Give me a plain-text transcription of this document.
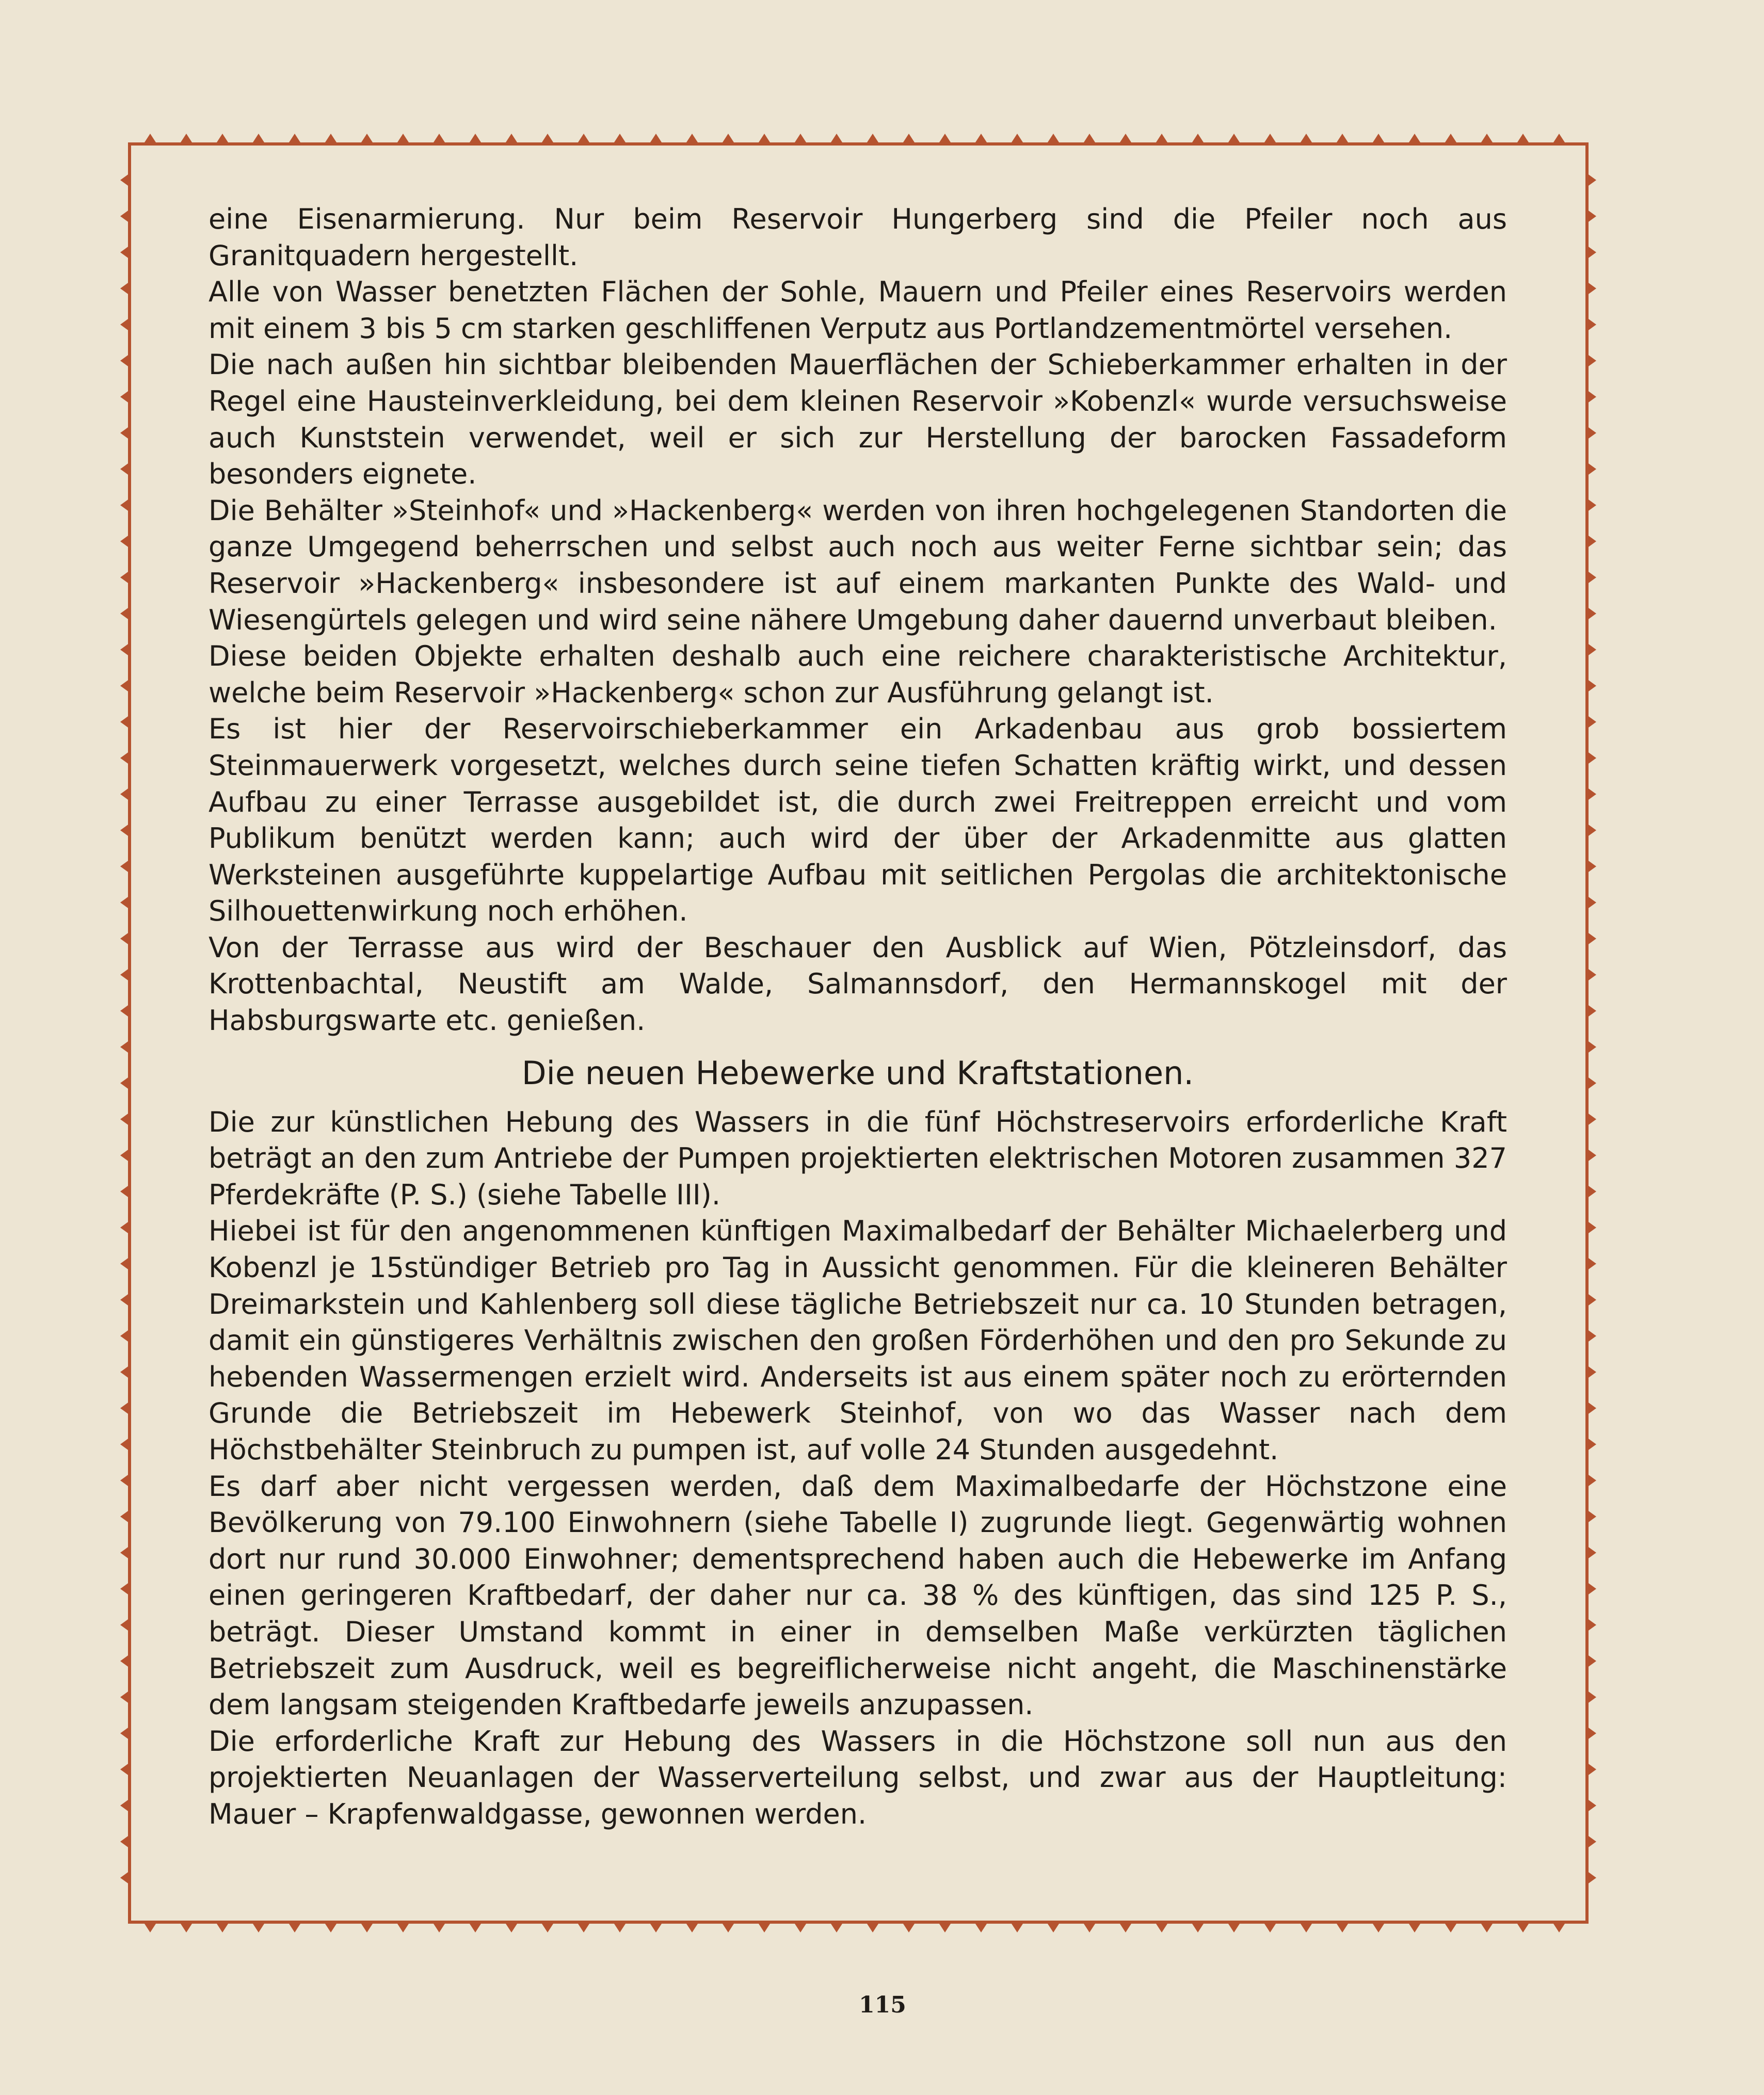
eine Eisenarmierung. Nur beim Reservoir Hungerberg sind die Pfeiler noch aus Granitquadern hergestellt.

Alle von Wasser benetzten Flächen der Sohle, Mauern und Pfeiler eines Reservoirs werden mit einem 3 bis 5 cm starken geschliffenen Verputz aus Portlandzementmörtel versehen.

Die nach außen hin sichtbar bleibenden Mauerflächen der Schieberkammer erhalten in der Regel eine Hausteinverkleidung, bei dem kleinen Reservoir »Kobenzl« wurde versuchsweise auch Kunststein verwendet, weil er sich zur Herstellung der barocken Fassadeform besonders eignete.

Die Behälter »Steinhof« und »Hackenberg« werden von ihren hochgelegenen Standorten die ganze Umgegend beherrschen und selbst auch noch aus weiter Ferne sichtbar sein; das Reservoir »Hackenberg« insbesondere ist auf einem markanten Punkte des Wald- und Wiesengürtels gelegen und wird seine nähere Umgebung daher dauernd unverbaut bleiben.

Diese beiden Objekte erhalten deshalb auch eine reichere charakteristische Architektur, welche beim Reservoir »Hackenberg« schon zur Ausführung gelangt ist.

Es ist hier der Reservoirschieberkammer ein Arkadenbau aus grob bossiertem Steinmauerwerk vorgesetzt, welches durch seine tiefen Schatten kräftig wirkt, und dessen Aufbau zu einer Terrasse ausgebildet ist, die durch zwei Freitreppen erreicht und vom Publikum benützt werden kann; auch wird der über der Arkadenmitte aus glatten Werksteinen ausgeführte kuppelartige Aufbau mit seitlichen Pergolas die architektonische Silhouettenwirkung noch erhöhen.

Von der Terrasse aus wird der Beschauer den Ausblick auf Wien, Pötzleinsdorf, das Krottenbachtal, Neustift am Walde, Salmannsdorf, den Hermannskogel mit der Habsburgswarte etc. genießen.

Die neuen Hebewerke und Kraftstationen.

Die zur künstlichen Hebung des Wassers in die fünf Höchstreservoirs erforderliche Kraft beträgt an den zum Antriebe der Pumpen projektierten elektrischen Motoren zusammen 327 Pferdekräfte (P. S.) (siehe Tabelle III).

Hiebei ist für den angenommenen künftigen Maximalbedarf der Behälter Michaelerberg und Kobenzl je 15stündiger Betrieb pro Tag in Aussicht genommen. Für die kleineren Behälter Dreimarkstein und Kahlenberg soll diese tägliche Betriebszeit nur ca. 10 Stunden betragen, damit ein günstigeres Verhältnis zwischen den großen Förderhöhen und den pro Sekunde zu hebenden Wassermengen erzielt wird. Anderseits ist aus einem später noch zu erörternden Grunde die Betriebszeit im Hebewerk Steinhof, von wo das Wasser nach dem Höchstbehälter Steinbruch zu pumpen ist, auf volle 24 Stunden ausgedehnt.

Es darf aber nicht vergessen werden, daß dem Maximalbedarfe der Höchstzone eine Bevölkerung von 79.100 Einwohnern (siehe Tabelle I) zugrunde liegt. Gegenwärtig wohnen dort nur rund 30.000 Einwohner; dementsprechend haben auch die Hebewerke im Anfang einen geringeren Kraftbedarf, der daher nur ca. 38 % des künftigen, das sind 125 P. S., beträgt. Dieser Umstand kommt in einer in demselben Maße verkürzten täglichen Betriebszeit zum Ausdruck, weil es begreiflicherweise nicht angeht, die Maschinenstärke dem langsam steigenden Kraftbedarfe jeweils anzupassen.

Die erforderliche Kraft zur Hebung des Wassers in die Höchstzone soll nun aus den projektierten Neuanlagen der Wasserverteilung selbst, und zwar aus der Hauptleitung: Mauer – Krapfenwaldgasse, gewonnen werden.

115
